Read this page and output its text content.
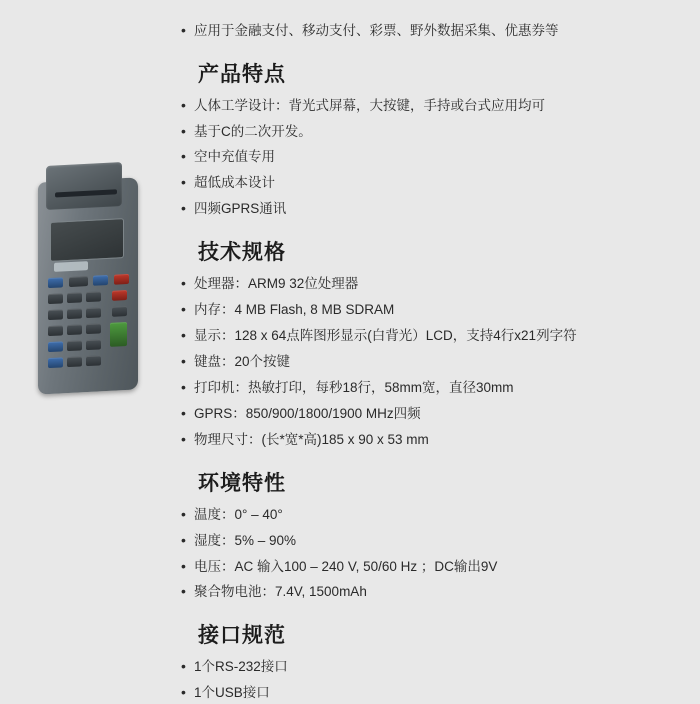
• 应用于金融支付、移动支付、彩票、野外数据采集、优惠券等

产品特点
• 人体工学设计：背光式屏幕，大按键，手持或台式应用均可
• 基于C的二次开发。
• 空中充值专用
• 超低成本设计
• 四频GPRS通讯
技术规格
• 处理器：ARM9 32位处理器
• 内存：4 MB Flash, 8 MB SDRAM
• 显示：128 x 64点阵图形显示(白背光）LCD，支持4行x21列字符
• 键盘：20个按键
• 打印机：热敏打印，每秒18行，58mm宽，直径30mm
• GPRS：850/900/1800/1900 MHz四频
• 物理尺寸：(长*宽*高)185 x 90 x 53 mm
环境特性
• 温度：0° – 40°
• 湿度：5% – 90%
• 电压：AC 输入100 – 240 V, 50/60 Hz ；DC输出9V
• 聚合物电池：7.4V, 1500mAh
接口规范
• 1个RS-232接口
• 1个USB接口
